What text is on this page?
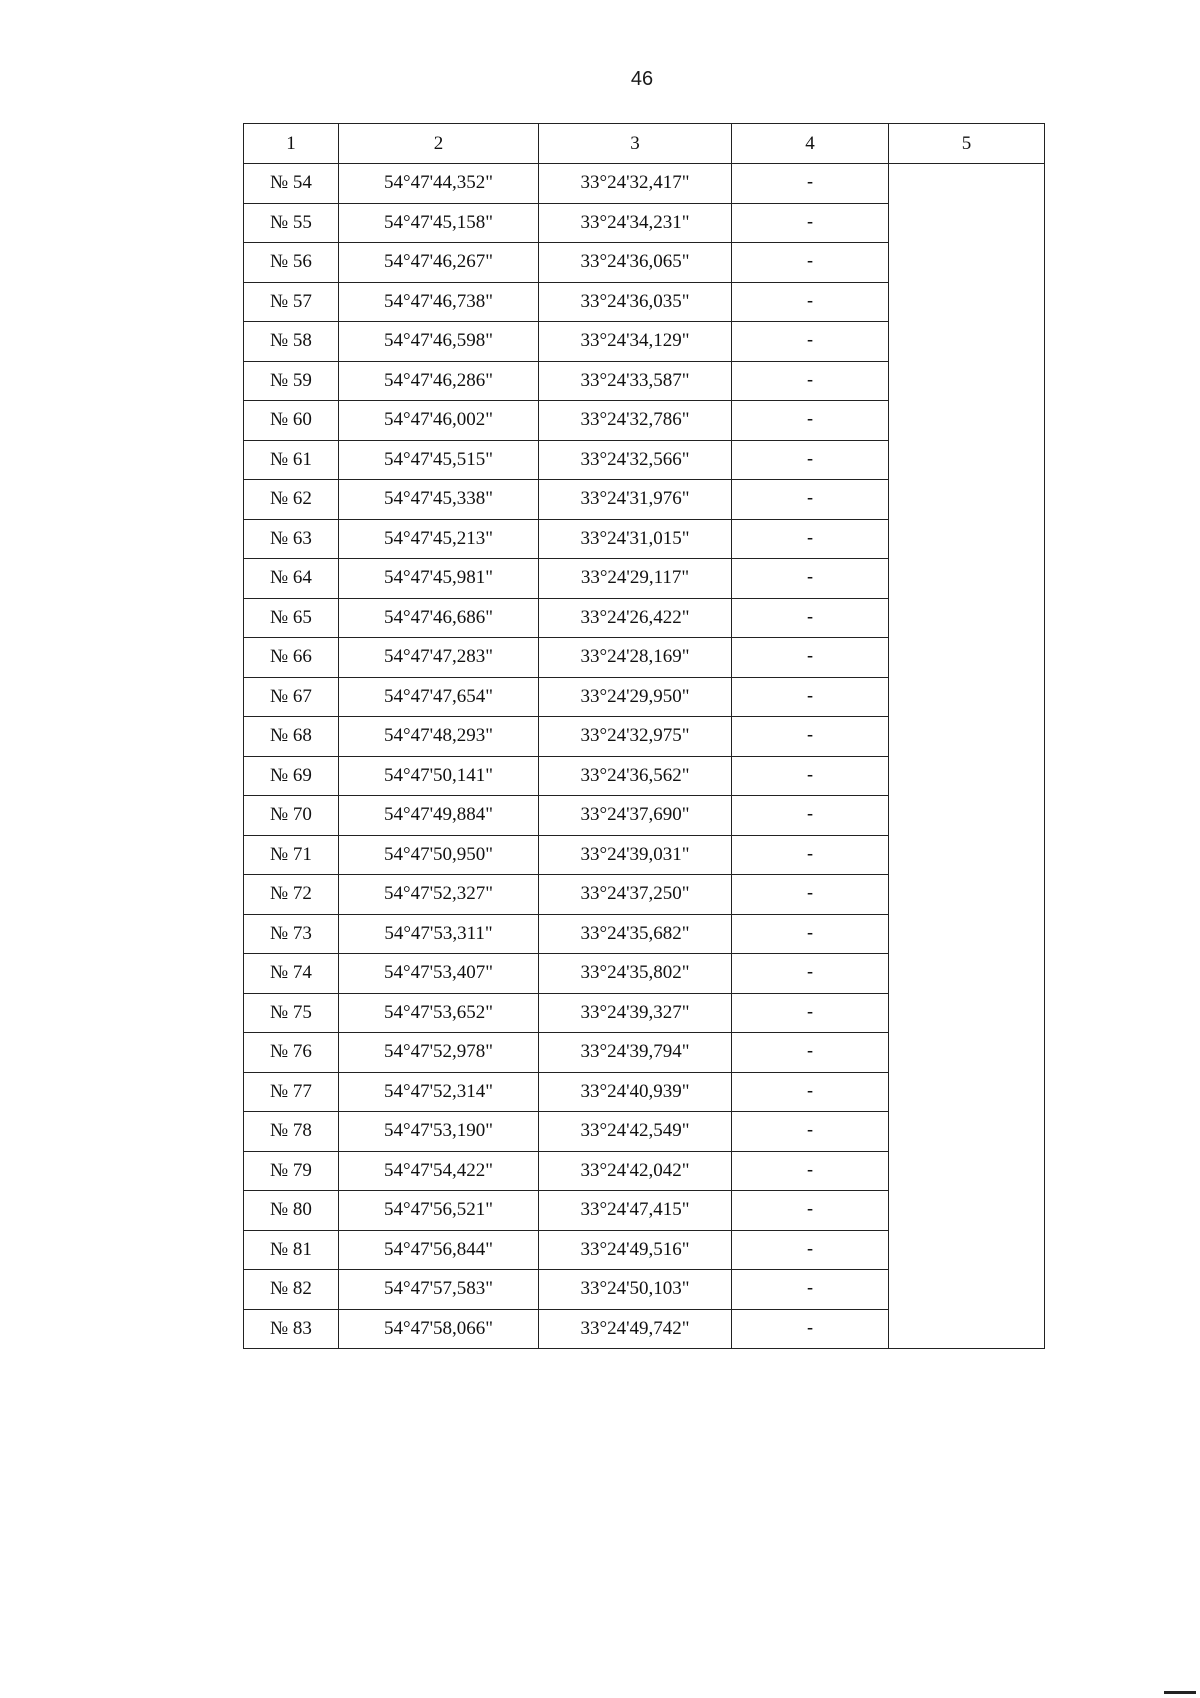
46
1	2	3	4	5
№ 54	54°47'44,352"	33°24'32,417"	-	
№ 55	54°47'45,158"	33°24'34,231"	-	
№ 56	54°47'46,267"	33°24'36,065"	-	
№ 57	54°47'46,738"	33°24'36,035"	-	
№ 58	54°47'46,598"	33°24'34,129"	-	
№ 59	54°47'46,286"	33°24'33,587"	-	
№ 60	54°47'46,002"	33°24'32,786"	-	
№ 61	54°47'45,515"	33°24'32,566"	-	
№ 62	54°47'45,338"	33°24'31,976"	-	
№ 63	54°47'45,213"	33°24'31,015"	-	
№ 64	54°47'45,981"	33°24'29,117"	-	
№ 65	54°47'46,686"	33°24'26,422"	-	
№ 66	54°47'47,283"	33°24'28,169"	-	
№ 67	54°47'47,654"	33°24'29,950"	-	
№ 68	54°47'48,293"	33°24'32,975"	-	
№ 69	54°47'50,141"	33°24'36,562"	-	
№ 70	54°47'49,884"	33°24'37,690"	-	
№ 71	54°47'50,950"	33°24'39,031"	-	
№ 72	54°47'52,327"	33°24'37,250"	-	
№ 73	54°47'53,311"	33°24'35,682"	-	
№ 74	54°47'53,407"	33°24'35,802"	-	
№ 75	54°47'53,652"	33°24'39,327"	-	
№ 76	54°47'52,978"	33°24'39,794"	-	
№ 77	54°47'52,314"	33°24'40,939"	-	
№ 78	54°47'53,190"	33°24'42,549"	-	
№ 79	54°47'54,422"	33°24'42,042"	-	
№ 80	54°47'56,521"	33°24'47,415"	-	
№ 81	54°47'56,844"	33°24'49,516"	-	
№ 82	54°47'57,583"	33°24'50,103"	-	
№ 83	54°47'58,066"	33°24'49,742"	-	
